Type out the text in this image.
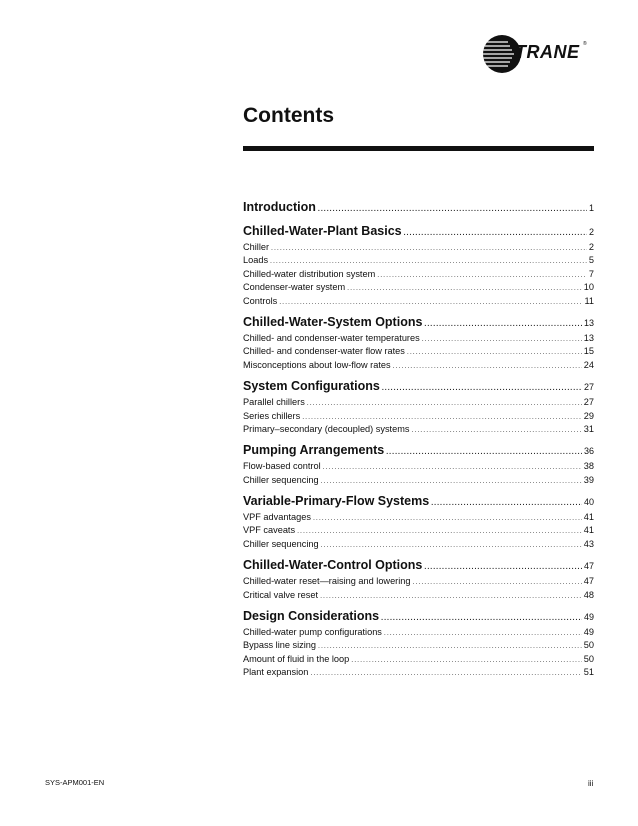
TRANE ®
Contents
Introduction .....	1
Chilled-Water-Plant Basics .....	2
Chiller .....	2
Loads .....	5
Chilled-water distribution system .....	7
Condenser-water system .....	10
Controls .....	11
Chilled-Water-System Options .....	13
Chilled- and condenser-water temperatures .....	13
Chilled- and condenser-water flow rates .....	15
Misconceptions about low-flow rates .....	24
System Configurations .....	27
Parallel chillers .....	27
Series chillers .....	29
Primary–secondary (decoupled) systems .....	31
Pumping Arrangements .....	36
Flow-based control .....	38
Chiller sequencing .....	39
Variable-Primary-Flow Systems .....	40
VPF advantages .....	41
VPF caveats .....	41
Chiller sequencing .....	43
Chilled-Water-Control Options .....	47
Chilled-water reset—raising and lowering .....	47
Critical valve reset .....	48
Design Considerations .....	49
Chilled-water pump configurations .....	49
Bypass line sizing .....	50
Amount of fluid in the loop .....	50
Plant expansion .....	51
SYS-APM001-EN	iii
